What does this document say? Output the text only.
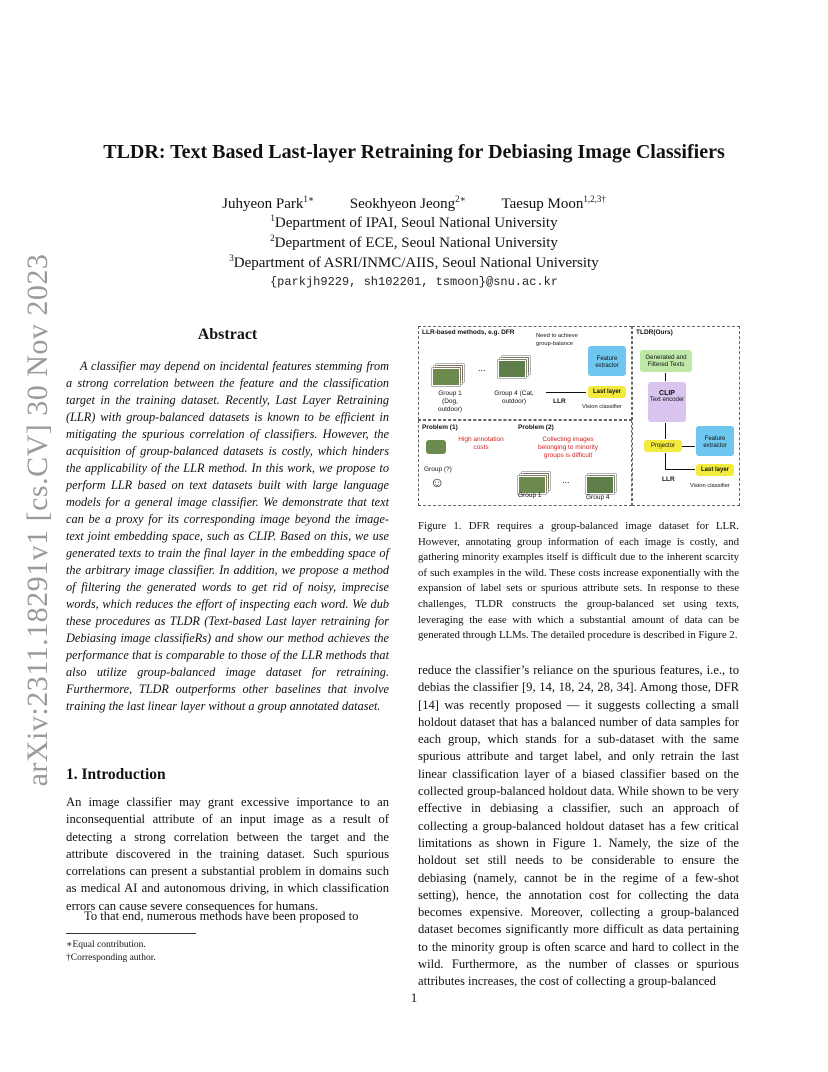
arXiv:2311.18291v1 [cs.CV] 30 Nov 2023
TLDR: Text Based Last-layer Retraining for Debiasing Image Classifiers
Juhyeon Park$^{1∗}$ Seokhyeon Jeong$^{2∗}$ Taesup Moon$^{1,2,3\dagger}$
$^1$Department of IPAI, Seoul National University
$^2$Department of ECE, Seoul National University
$^3$Department of ASRI/INMC/AIIS, Seoul National University
{parkjh9229, sh102201, tsmoon}@snu.ac.kr
Abstract
A classifier may depend on incidental features stemming from a strong correlation between the feature and the classification target in the training dataset. Recently, Last Layer Retraining (LLR) with group-balanced datasets is known to be efficient in mitigating the spurious correlation of classifiers. However, the acquisition of group-balanced datasets is costly, which hinders the applicability of the LLR method. In this work, we propose to perform LLR based on text datasets built with large language models for a general image classifier. We demonstrate that text can be a proxy for its corresponding image beyond the image-text joint embedding space, such as CLIP. Based on this, we use generated texts to train the final layer in the embedding space of the arbitrary image classifier. In addition, we propose a method of filtering the generated words to get rid of noisy, imprecise words, which reduces the effort of inspecting each word. We dub these procedures as TLDR (Text-based Last layer retraining for Debiasing image classifieRs) and show our method achieves the performance that is comparable to those of the LLR methods that also utilize group-balanced image dataset for retraining. Furthermore, TLDR outperforms other baselines that involve training the last linear layer without a group annotated dataset.
1. Introduction
An image classifier may grant excessive importance to an inconsequential attribute of an input image as a result of detecting a strong correlation between the target and the attribute discovered in the training dataset. Such spurious correlations can present a substantial problem in domains such as medical AI and autonomous driving, in which classification errors can cause severe consequences for humans.
To that end, numerous methods have been proposed to
∗Equal contribution.
†Corresponding author.
1
LLR-based methods, e.g. DFR	TLDR(Ours)
...
Group 1 (Dog, outdoor)
Group 4 (Cat, outdoor)
Need to achieve group-balance
LLR
Feature extractor
Last layer
Vision classifier
Problem (1)	Problem (2)
High annotation costs
Collecting images belonging to minority groups is difficult
Group (?)
☺	...
Group 1	Group 4
Generated and Filtered Texts
CLIP
Text encoder
Projector
LLR
Feature extractor
Last layer
Vision classifier
Figure 1. DFR requires a group-balanced image dataset for LLR. However, annotating group information of each image is costly, and gathering minority examples itself is difficult due to the inherent scarcity of such examples in the wild. These costs increase exponentially with the expansion of label sets or spurious attribute sets. In response to these challenges, TLDR constructs the group-balanced set using texts, leveraging the ease with which a substantial amount of data can be generated through LLMs. The detailed procedure is described in Figure 2.
reduce the classifier’s reliance on the spurious features, i.e., to debias the classifier [9, 14, 18, 24, 28, 34]. Among those, DFR [14] was recently proposed — it suggests collecting a small holdout dataset that has a balanced number of data samples for each group, which stands for a sub-dataset with the same spurious attribute and target label, and only retrain the last linear classification layer of a biased classifier based on the collected group-balanced holdout data. While shown to be very effective in debiasing a classifier, such an approach of collecting a group-balanced holdout dataset has a few critical limitations as shown in Figure 1. Namely, the size of the holdout set still needs to be considerable to ensure the debiasing (namely, cannot be in the regime of a few-shot setting), hence, the annotation cost for collecting the data becomes expensive. Moreover, collecting a group-balanced dataset becomes significantly more difficult as data pertaining to the minority group is often scarce and hard to collect in the wild. Furthermore, as the number of classes or spurious attributes increases, the cost of collecting a group-balanced
